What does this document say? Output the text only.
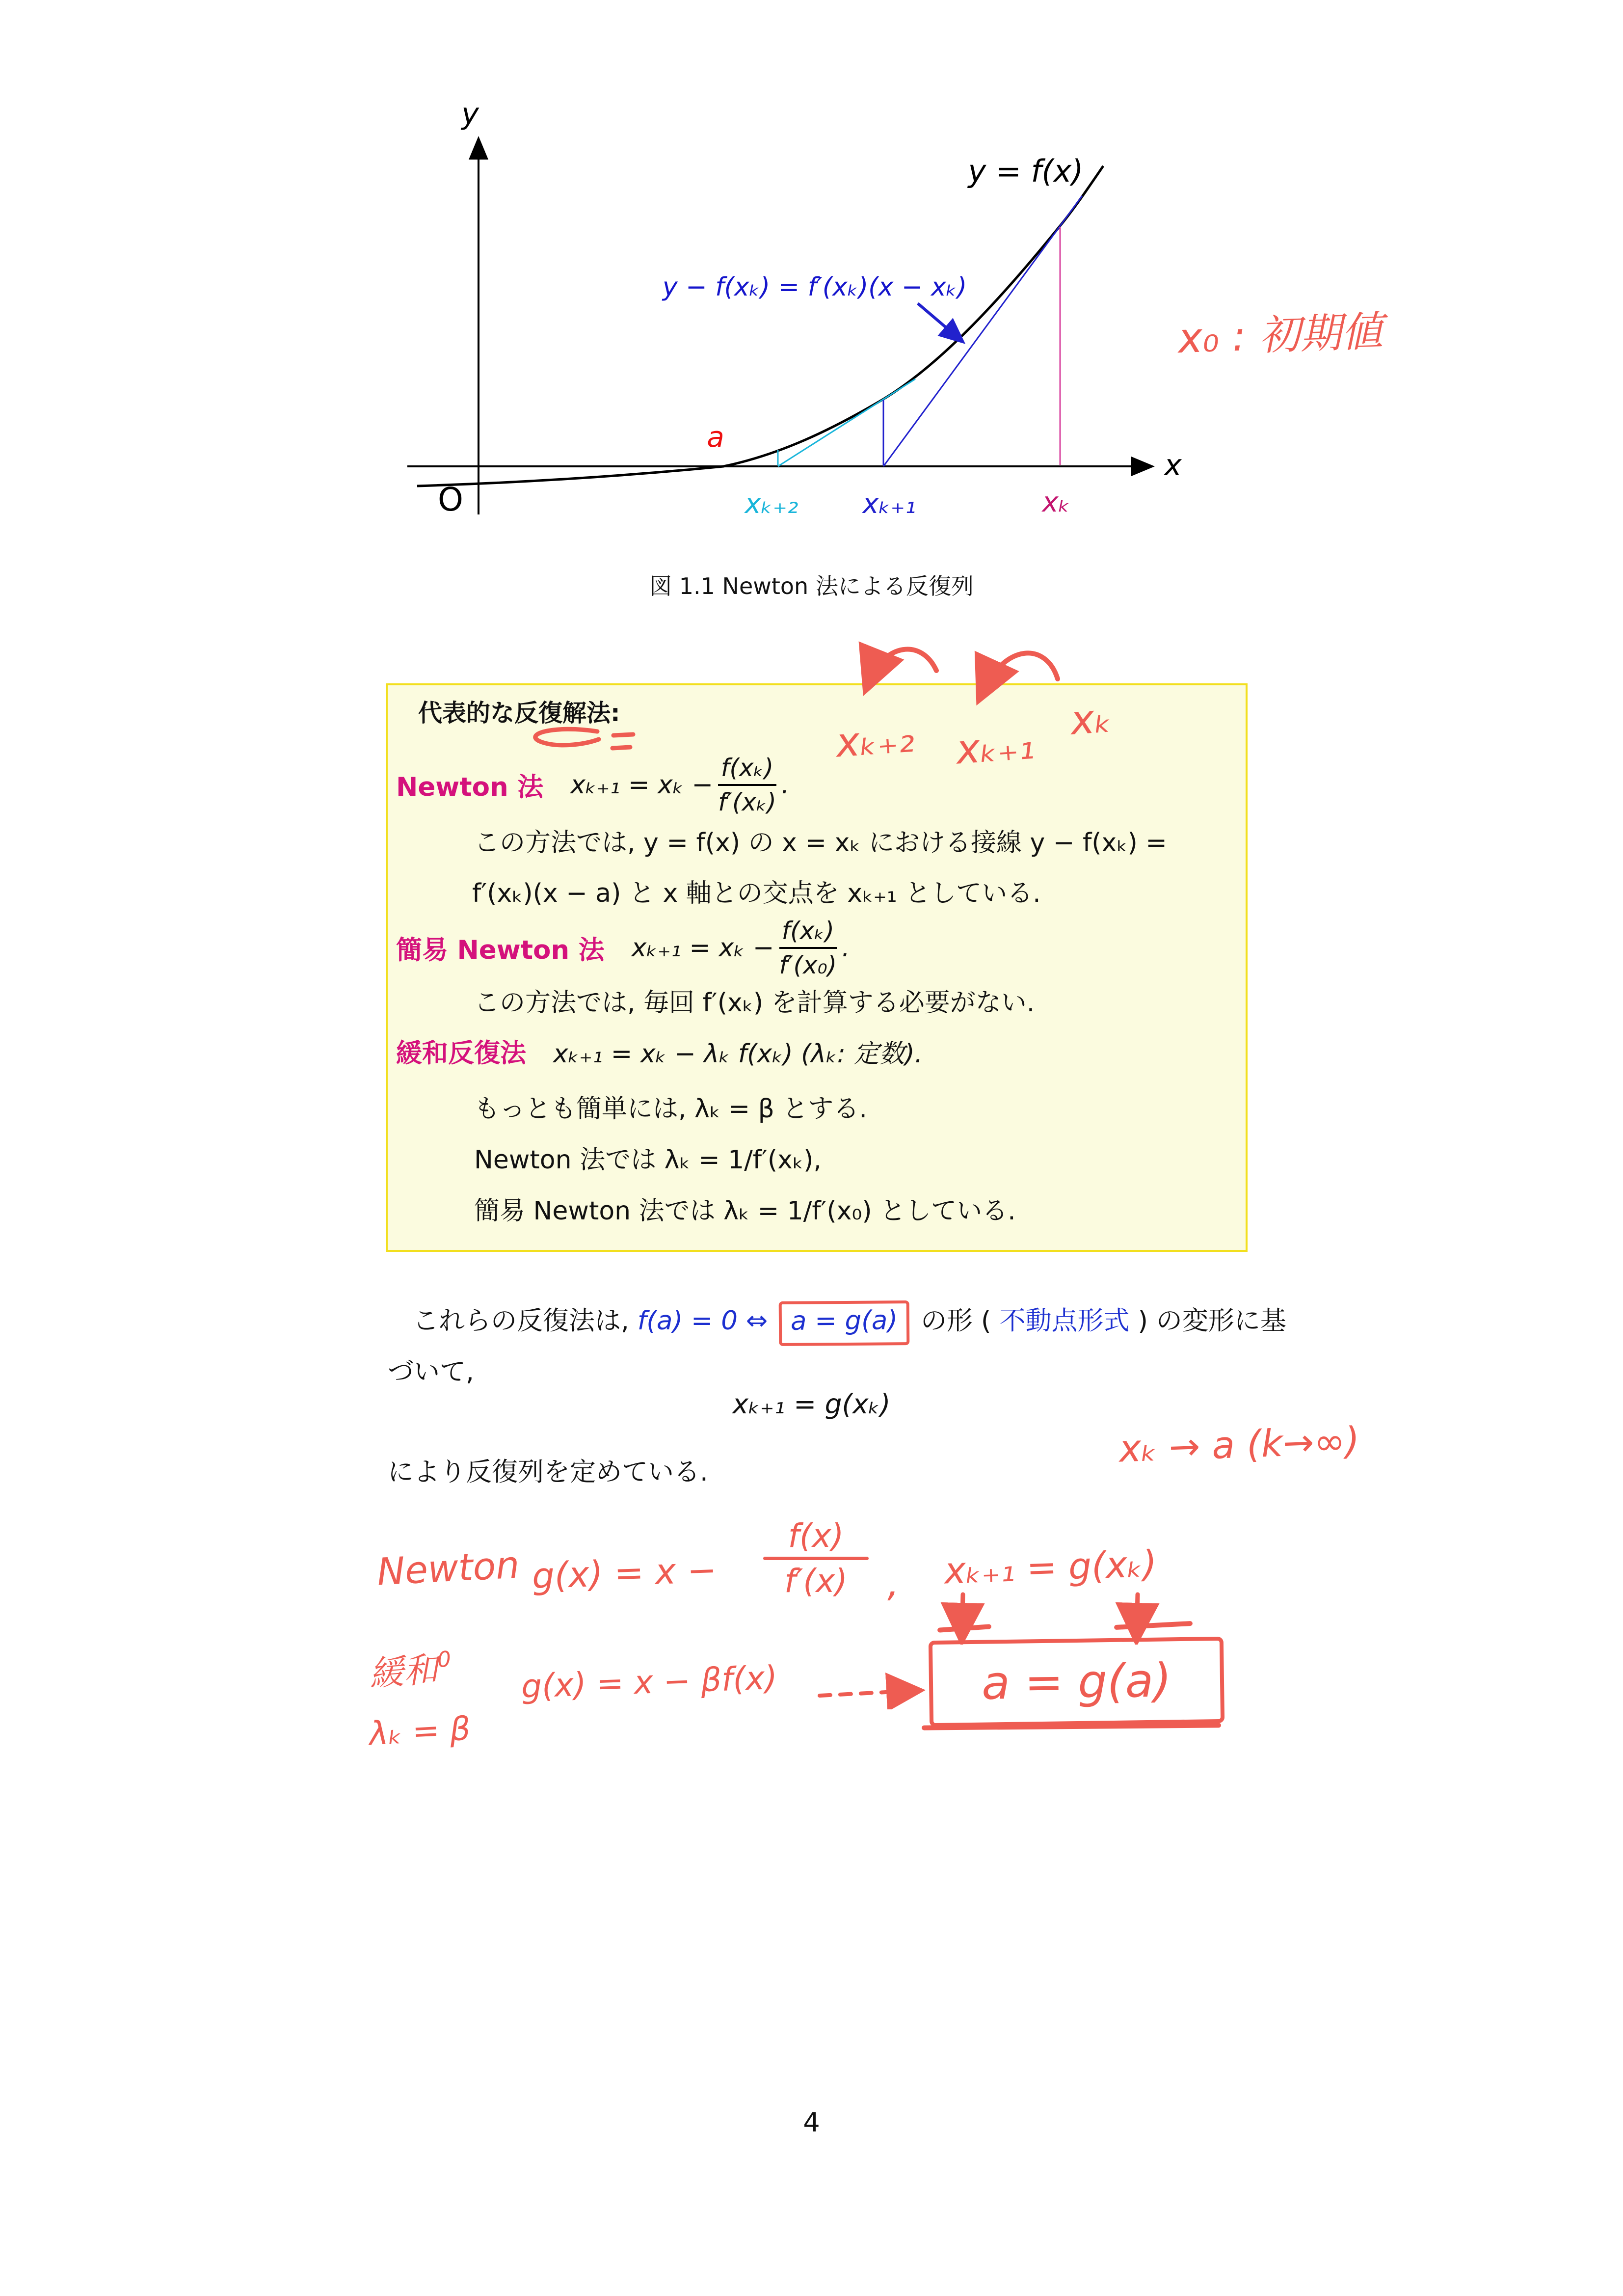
y
x
O
y = f(x)
y − f(xₖ) = f′(xₖ)(x − xₖ)
a
xₖ₊₂ xₖ₊₁	xₖ
x₀ : 初期値
図 1.1 Newton 法による反復列
代表的な反復解法:
Newton 法 $x_{k+1} = x_k - \frac{\text{f(xₖ)}}{\text{f′(xₖ)}}$ .
この方法では, y = f(x) の x = xₖ における接線 y − f(xₖ) =
f′(xₖ)(x − a) と x 軸との交点を xₖ₊₁ としている.
簡易 Newton 法 $x_{k+1} = x_k - \frac{\text{f(xₖ)}}{\text{f′(x₀)}}$ .
この方法では, 毎回 f′(xₖ) を計算する必要がない.
緩和反復法 xₖ₊₁ = xₖ − λₖ f(xₖ) (λₖ: 定数).
もっとも簡単には, λₖ = β とする.
Newton 法では λₖ = 1/f′(xₖ),
簡易 Newton 法では λₖ = 1/f′(x₀) としている.
xₖ₊₂ xₖ₊₁
xₖ
これらの反復法は, f(a) = 0 ⇔ a = g(a) の形 ( 不動点形式 ) の変形に基
づいて,
xₖ₊₁ = g(xₖ)
xₖ → a (k→∞)
により反復列を定めている.
Newton g(x) = x −
f(x)
f′(x) , xₖ₊₁ = g(xₖ)
緩和$^0$
λₖ = β
g(x) = x − βf(x)	a = g(a)
4
